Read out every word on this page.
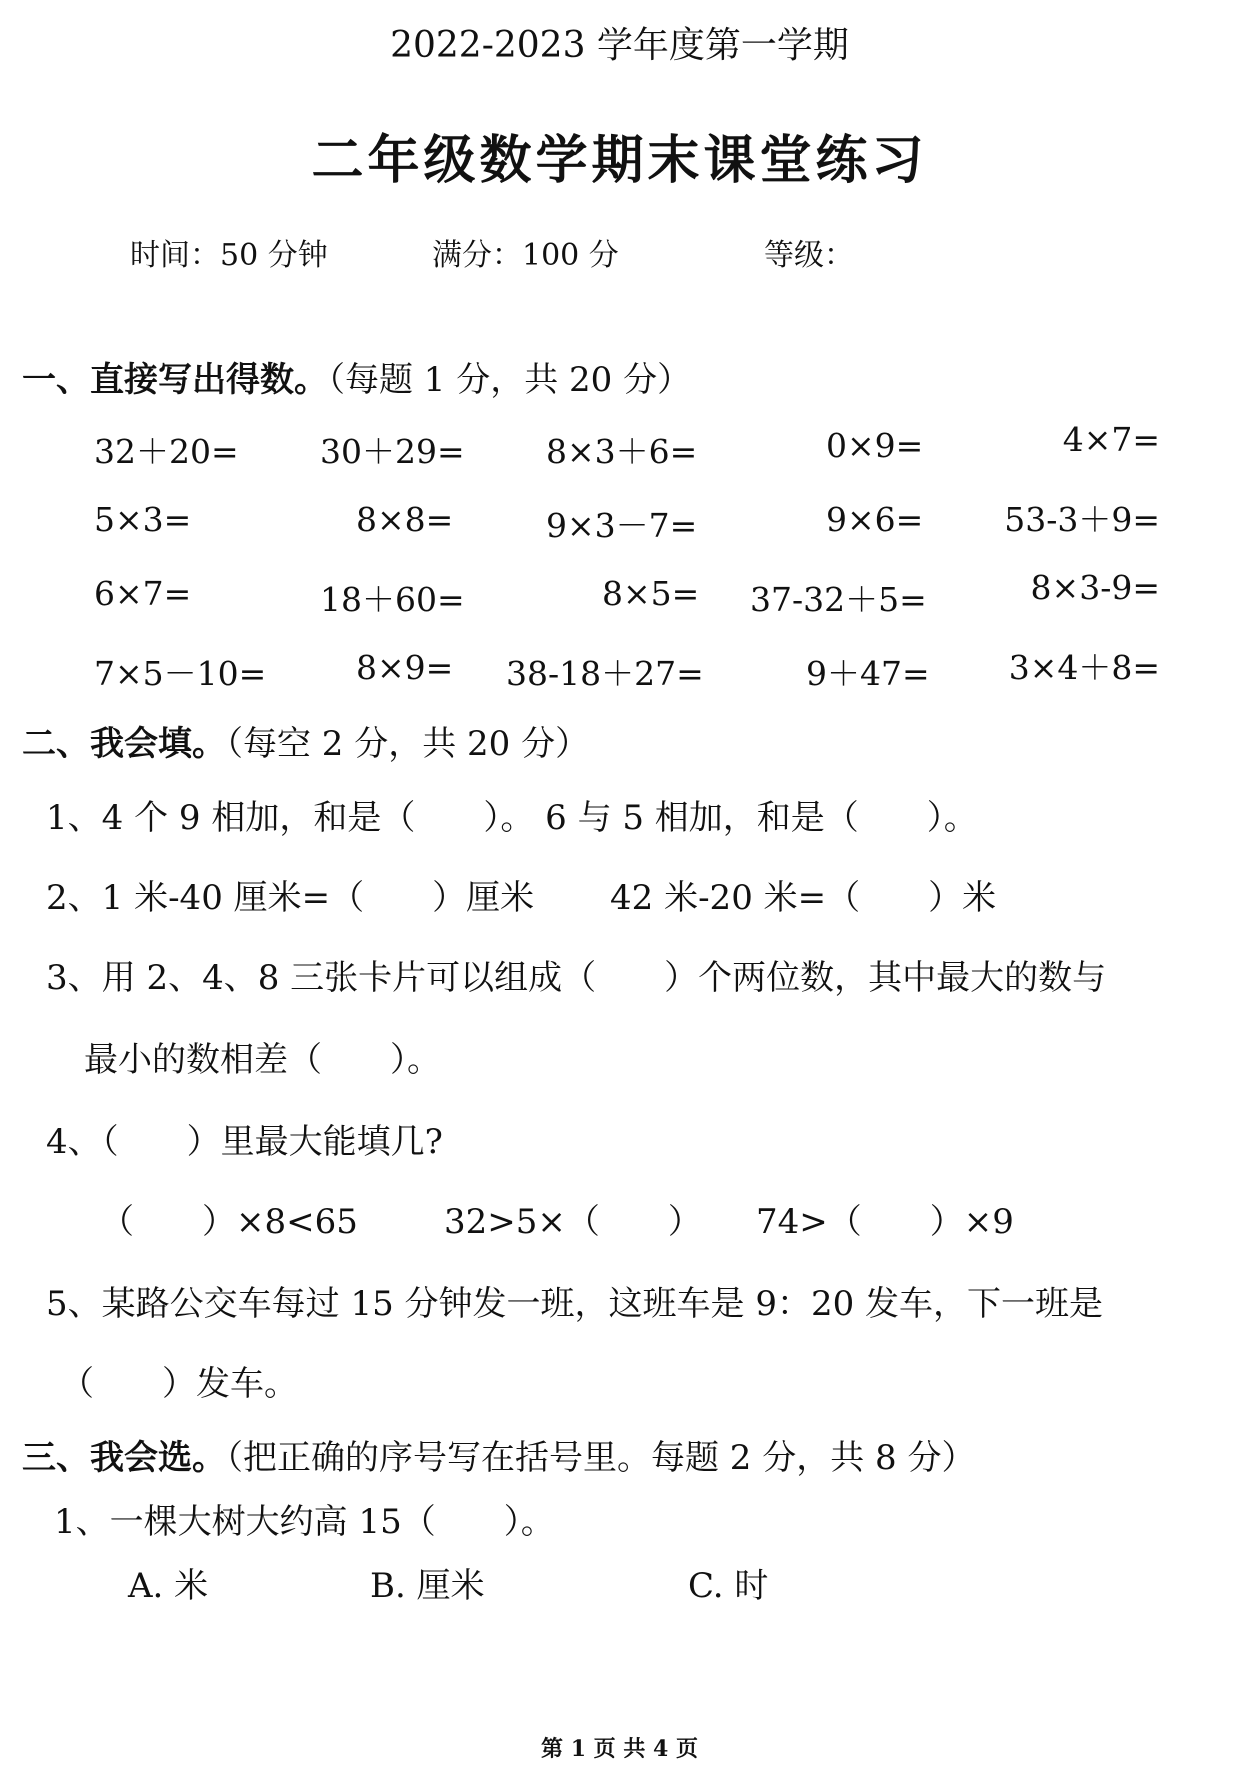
2022-2023 学年度第一学期
二年级数学期末课堂练习
时间：50 分钟	满分：100 分	等级：
一、直接写出得数。（每题 1 分，共 20 分）
32＋20= 30＋29= 8×3＋6=	0×9=	4×7=
5×3=	8×8=	9×3－7=	9×6=	53-3＋9=
6×7=	18＋60=	8×5= 37-32＋5=	8×3-9=
7×5－10=	8×9= 38-18＋27=	9＋47=	3×4＋8=
二、我会填。（每空 2 分，共 20 分）
1、4 个 9 相加，和是（　　）。 6 与 5 相加，和是（　　）。
2、1 米-40 厘米=（　　）厘米 42 米-20 米=（　　）米
3、用 2、4、8 三张卡片可以组成（　　）个两位数，其中最大的数与
最小的数相差（　　）。
4、（　　）里最大能填几?
（　　）×8<65	32>5×（　　） 74>（　　）×9
5、某路公交车每过 15 分钟发一班，这班车是 9：20 发车，下一班是
（　　）发车。
三、我会选。（把正确的序号写在括号里。每题 2 分，共 8 分）
1、一棵大树大约高 15（　　）。
A. 米	B. 厘米	C. 时
第 1 页 共 4 页
